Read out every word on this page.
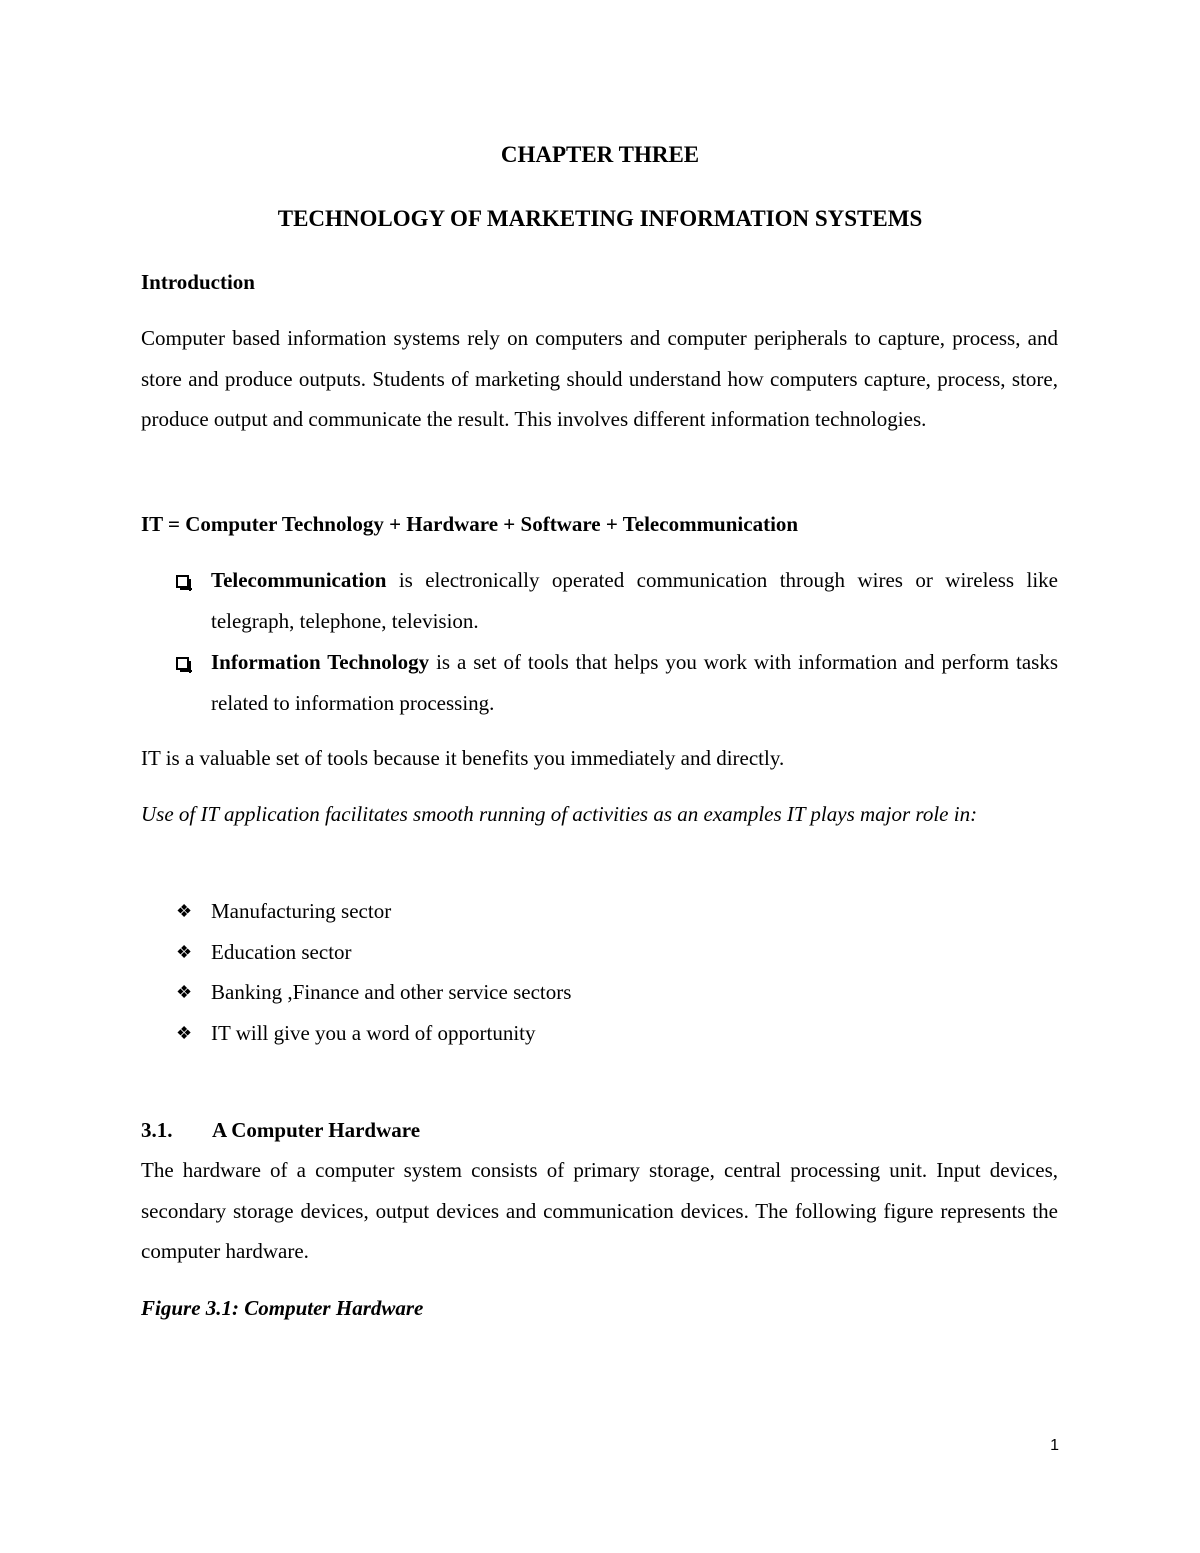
CHAPTER THREE
TECHNOLOGY OF MARKETING INFORMATION SYSTEMS
Introduction
Computer based information systems rely on computers and computer peripherals to capture, process, and store and produce outputs. Students of marketing should understand how computers capture, process, store, produce output and communicate the result. This involves different information technologies.
IT = Computer Technology + Hardware + Software + Telecommunication
Telecommunication is electronically operated communication through wires or wireless like telegraph, telephone, television.
Information Technology is a set of tools that helps you work with information and perform tasks related to information processing.
IT is a valuable set of tools because it benefits you immediately and directly.
Use of IT application facilitates smooth running of activities as an examples IT plays major role in:
❖ Manufacturing sector
❖ Education sector
❖ Banking ,Finance and other service sectors
❖ IT will give you a word of opportunity
3.1. A Computer Hardware
The hardware of a computer system consists of primary storage, central processing unit. Input devices, secondary storage devices, output devices and communication devices. The following figure represents the computer hardware.
Figure 3.1: Computer Hardware
1
